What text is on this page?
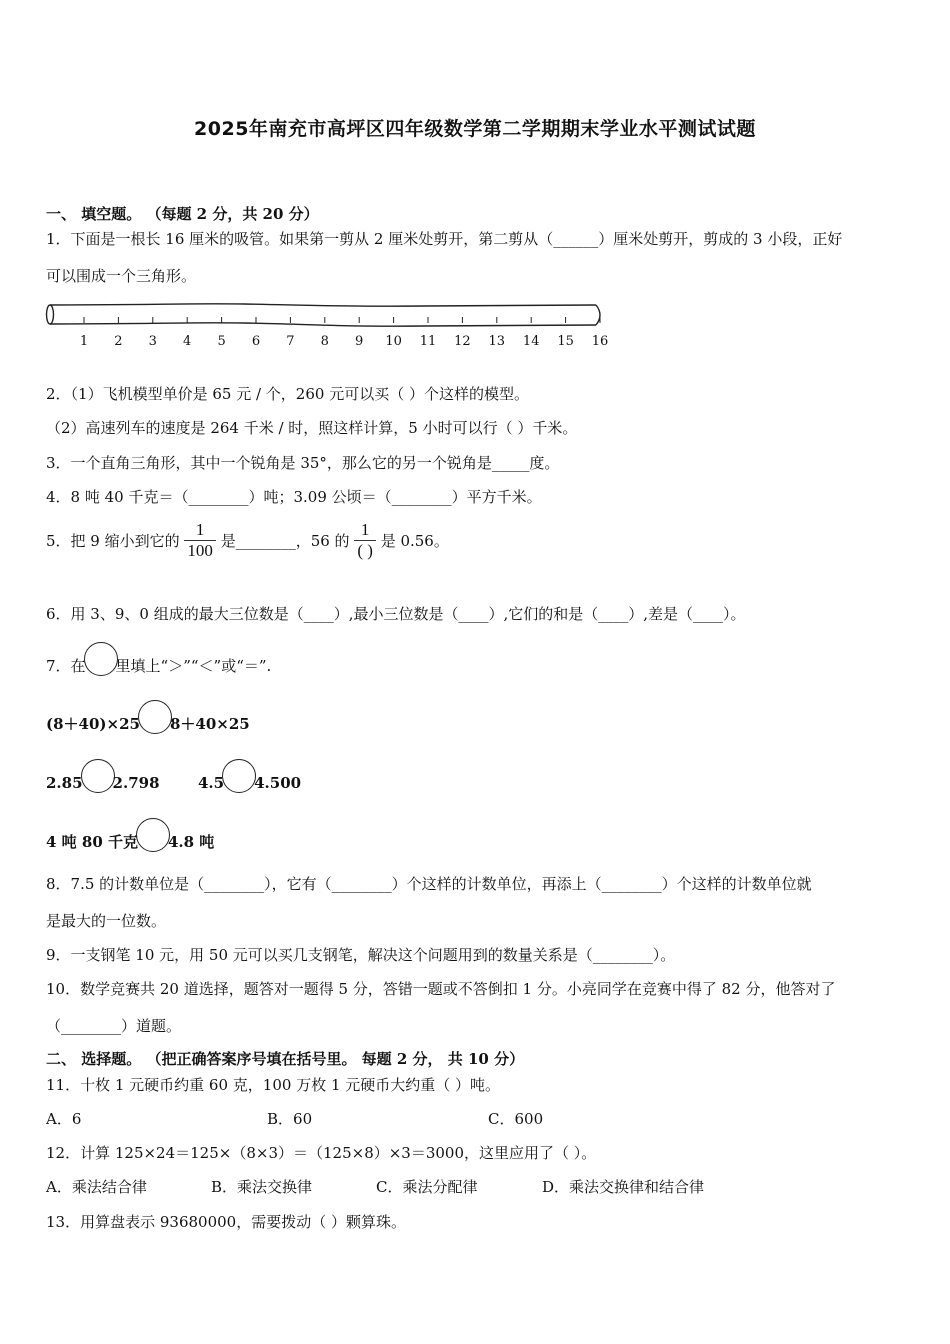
2025年南充市高坪区四年级数学第二学期期末学业水平测试试题
一、 填空题。 （每题 2 分，共 20 分）
1．下面是一根长 16 厘米的吸管。如果第一剪从 2 厘米处剪开，第二剪从（______）厘米处剪开，剪成的 3 小段，正好
可以围成一个三角形。
1 2 3 4 5 6 7 8 9 10 11 12 13 14 15 16
2．（1）飞机模型单价是 65 元 / 个，260 元可以买（ ）个这样的模型。
（2）高速列车的速度是 264 千米 / 时，照这样计算，5 小时可以行（ ）千米。
3．一个直角三角形，其中一个锐角是 35°，那么它的另一个锐角是_____度。
4．8 吨 40 千克＝（________）吨；3.09 公顷＝（________）平方千米。
5．把 9 缩小到它的 $\frac{1}{100}$ 是________，56 的 $\frac{1}{( )}$ 是 0.56。
6．用 3、9、0 组成的最大三位数是（____）,最小三位数是（____）,它们的和是（____）,差是（____）。
7．在 里填上“＞”“＜”或“＝”.
(8＋40)×25 8＋40×25
2.85 2.798	4.5 4.500
4 吨 80 千克 4.8 吨
8．7.5 的计数单位是（________），它有（________）个这样的计数单位，再添上（________）个这样的计数单位就
是最大的一位数。
9．一支钢笔 10 元，用 50 元可以买几支钢笔，解决这个问题用到的数量关系是（________）。
10．数学竞赛共 20 道选择，题答对一题得 5 分，答错一题或不答倒扣 1 分。小亮同学在竞赛中得了 82 分，他答对了
（________）道题。
二、 选择题。 （把正确答案序号填在括号里。 每题 2 分， 共 10 分）
11．十枚 1 元硬币约重 60 克，100 万枚 1 元硬币大约重（ ）吨。
A．6	B．60	C．600
12．计算 125×24＝125×（8×3）＝（125×8）×3＝3000，这里应用了（ ）。
A．乘法结合律	B．乘法交换律	C．乘法分配律	D．乘法交换律和结合律
13．用算盘表示 93680000，需要拨动（ ）颗算珠。
